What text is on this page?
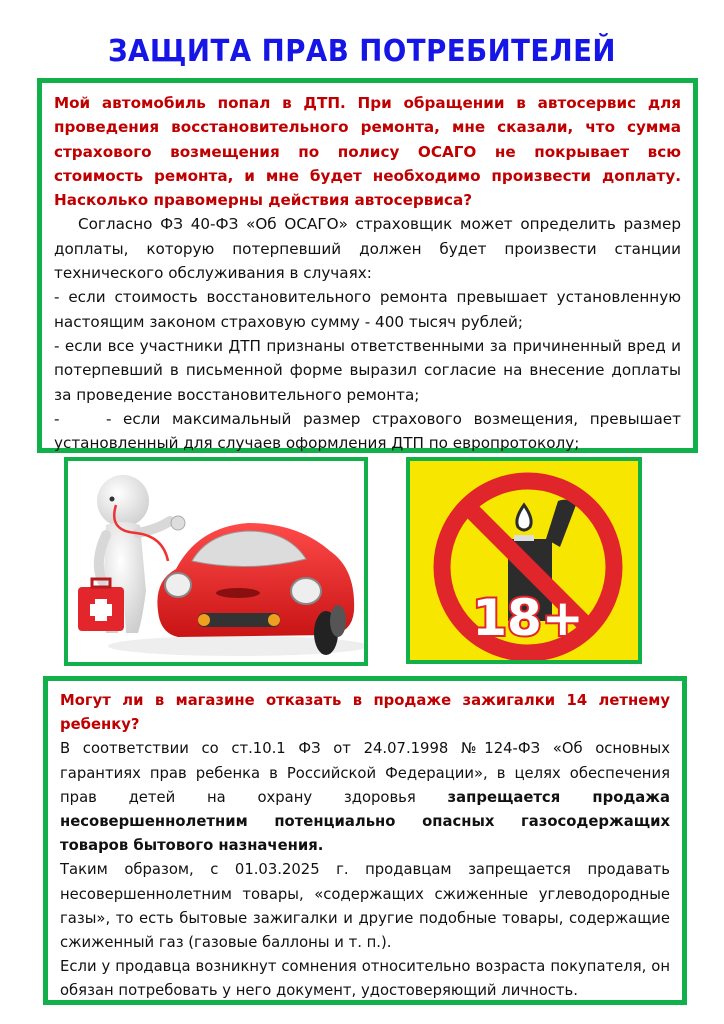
ЗАЩИТА ПРАВ ПОТРЕБИТЕЛЕЙ

Мой автомобиль попал в ДТП. При обращении в автосервис для проведения восстановительного ремонта, мне сказали, что сумма страхового возмещения по полису ОСАГО не покрывает всю стоимость ремонта, и мне будет необходимо произвести доплату. Насколько правомерны действия автосервиса?

Согласно ФЗ 40-ФЗ «Об ОСАГО» страховщик может определить размер доплаты, которую потерпевший должен будет произвести станции технического обслуживания в случаях:

- если стоимость восстановительного ремонта превышает установленную настоящим законом страховую сумму - 400 тысяч рублей;

- если все участники ДТП признаны ответственными за причиненный вред и потерпевший в письменной форме выразил согласие на внесение доплаты за проведение восстановительного ремонта;

-    - если максимальный размер страхового возмещения, превышает установленный для случаев оформления ДТП по европротоколу;

18+

Могут ли в магазине отказать в продаже зажигалки 14 летнему ребенку?

В соответствии со ст.10.1 ФЗ от 24.07.1998 №124-ФЗ «Об основных гарантиях прав ребенка в Российской Федерации», в целях обеспечения прав детей на охрану здоровья запрещается продажа несовершеннолетним потенциально опасных газосодержащих товаров бытового назначения.

Таким образом, с 01.03.2025 г. продавцам запрещается продавать несовершеннолетним товары, «содержащих сжиженные углеводородные газы», то есть бытовые зажигалки и другие подобные товары, содержащие сжиженный газ (газовые баллоны и т. п.).

Если у продавца возникнут сомнения относительно возраста покупателя, он обязан потребовать у него документ, удостоверяющий личность.
